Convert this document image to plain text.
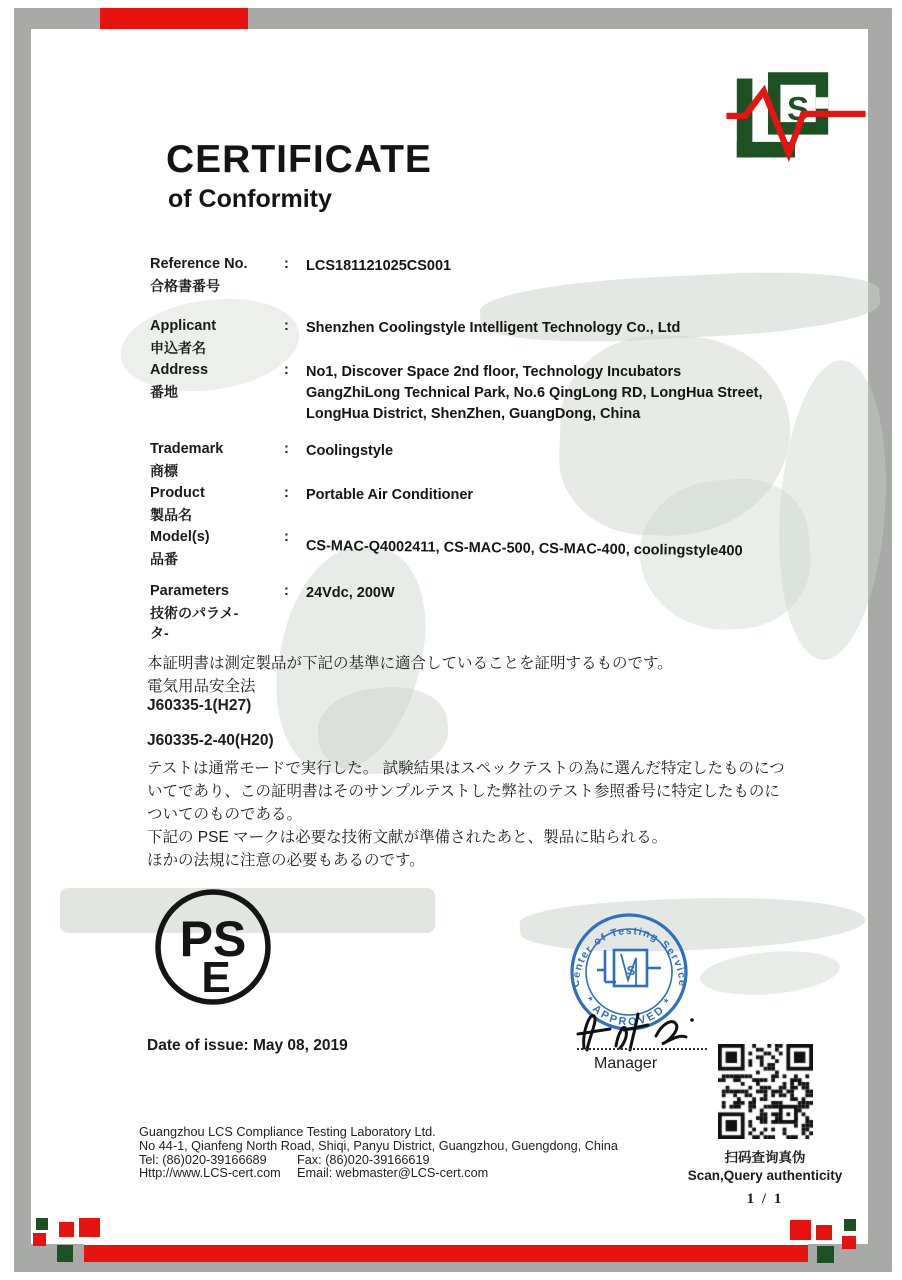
S
CERTIFICATE
of Conformity
Reference No.
合格書番号
: LCS181121025CS001
Applicant
申込者名
: Shenzhen Coolingstyle Intelligent Technology Co., Ltd
Address
番地
: No1, Discover Space 2nd floor, Technology Incubators
GangZhiLong Technical Park, No.6 QingLong RD, LongHua Street,
LongHua District, ShenZhen, GuangDong, China
Trademark
商標
: Coolingstyle
Product
製品名
: Portable Air Conditioner
Model(s)
品番
:
CS-MAC-Q4002411, CS-MAC-500, CS-MAC-400, coolingstyle400
Parameters
技術のパラメ-
タ-
: 24Vdc, 200W
本証明書は測定製品が下記の基準に適合していることを証明するものです。
電気用品安全法
J60335-1(H27)
J60335-2-40(H20)
テストは通常モードで実行した。 試験結果はスペックテストの為に選んだ特定したものにつ
いてであり、この証明書はそのサンプルテストした弊社のテスト参照番号に特定したものに
ついてのものである。
下記の PSE マークは必要な技術文献が準備されたあと、製品に貼られる。
ほかの法規に注意の必要もあるのです。
PS
E	Center of Testing Service
* APPROVED *
S
Manager
Date of issue: May 08, 2019
Guangzhou LCS Compliance Testing Laboratory Ltd.
No 44-1, Qianfeng North Road, Shiqi, Panyu District, Guangzhou, Guengdong, China
Tel: (86)020-39166689 Fax: (86)020-39166619
Http://www.LCS-cert.com Email: webmaster@LCS-cert.com
扫码查询真伪
Scan,Query authenticity
1 / 1
